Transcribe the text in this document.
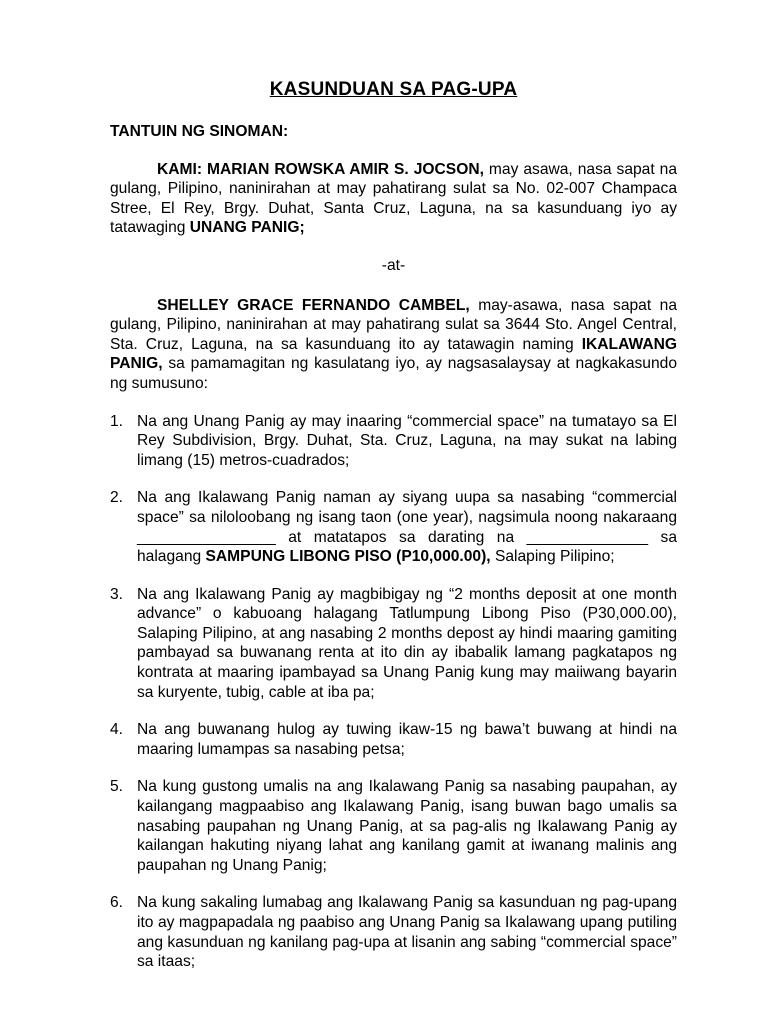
KASUNDUAN SA PAG-UPA
TANTUIN NG SINOMAN:

KAMI: MARIAN ROWSKA AMIR S. JOCSON, may asawa, nasa sapat na gulang, Pilipino, naninirahan at may pahatirang sulat sa No. 02-007 Champaca Stree, El Rey, Brgy. Duhat, Santa Cruz, Laguna, na sa kasunduang iyo ay tatawaging UNANG PANIG;

-at-

SHELLEY GRACE FERNANDO CAMBEL, may-asawa, nasa sapat na gulang, Pilipino, naninirahan at may pahatirang sulat sa 3644 Sto. Angel Central, Sta. Cruz, Laguna, na sa kasunduang ito ay tatawagin naming IKALAWANG PANIG, sa pamamagitan ng kasulatang iyo, ay nagsasalaysay at nagkakasundo ng sumusuno:

1. Na ang Unang Panig ay may inaaring “commercial space” na tumatayo sa El Rey Subdivision, Brgy. Duhat, Sta. Cruz, Laguna, na may sukat na labing limang (15) metros-cuadrados;
2. Na ang Ikalawang Panig naman ay siyang uupa sa nasabing “commercial space” sa niloloobang ng isang taon (one year), nagsimula noong nakaraang ________________ at matatapos sa darating na ______________ sa halagang SAMPUNG LIBONG PISO (P10,000.00), Salaping Pilipino;
3. Na ang Ikalawang Panig ay magbibigay ng “2 months deposit at one month advance” o kabuoang halagang Tatlumpung Libong Piso (P30,000.00), Salaping Pilipino, at ang nasabing 2 months depost ay hindi maaring gamiting pambayad sa buwanang renta at ito din ay ibabalik lamang pagkatapos ng kontrata at maaring ipambayad sa Unang Panig kung may maiiwang bayarin sa kuryente, tubig, cable at iba pa;
4. Na ang buwanang hulog ay tuwing ikaw-15 ng bawa’t buwang at hindi na maaring lumampas sa nasabing petsa;
5. Na kung gustong umalis na ang Ikalawang Panig sa nasabing paupahan, ay kailangang magpaabiso ang Ikalawang Panig, isang buwan bago umalis sa nasabing paupahan ng Unang Panig, at sa pag-alis ng Ikalawang Panig ay kailangan hakuting niyang lahat ang kanilang gamit at iwanang malinis ang paupahan ng Unang Panig;
6. Na kung sakaling lumabag ang Ikalawang Panig sa kasunduan ng pag-upang ito ay magpapadala ng paabiso ang Unang Panig sa Ikalawang upang putiling ang kasunduan ng kanilang pag-upa at lisanin ang sabing “commercial space” sa itaas;
